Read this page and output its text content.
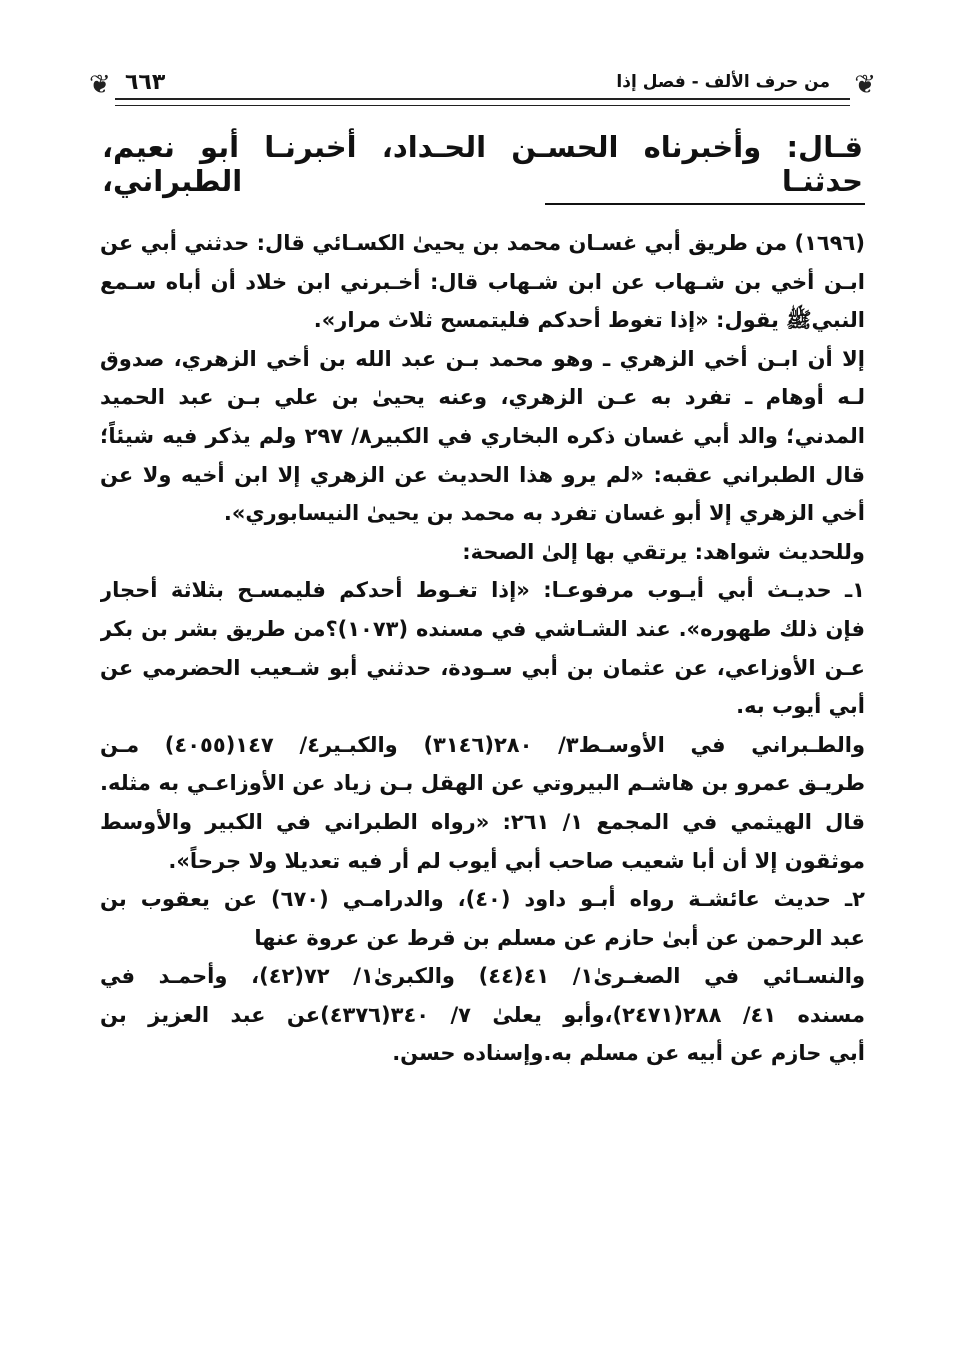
❦
من حرف الألف - فصل إذا
٦٦٣
❦
قـال: وأخبرناه الحسـن الحـداد، أخبرنـا أبو نعيم، حدثنـا الطبراني،
(١٦٩٦) من طريق أبي غسـان محمد بن يحيىٰ الكسـائي قال: حدثني أبي عن
ابـن أخي بن شـهاب عن ابن شـهاب قال: أخـبرني ابن خلاد أن أباه سـمع
النبيﷺ يقول: «إذا تغوط أحدكم فليتمسح ثلاث مرار».
إلا أن ابـن أخي الزهري ـ وهو محمد بـن عبد الله بن أخي الزهري، صدوق
لـه أوهام ـ تفرد به عـن الزهري، وعنه يحيىٰ بن علي بـن عبد الحميد
المدني؛ والد أبي غسان ذكره البخاري في الكبير٨/ ٢٩٧ ولم يذكر فيه شيئاً؛
قال الطبراني عقبه: «لم يرو هذا الحديث عن الزهري إلا ابن أخيه ولا عن
أخي الزهري إلا أبو غسان تفرد به محمد بن يحيىٰ النيسابوري».
وللحديث شواهد: يرتقي بها إلىٰ الصحة:
١ـ حديـث أبي أيـوب مرفوعـا: «إذا تغـوط أحدكم فليمسـح بثلاثة أحجار
فإن ذلك طهوره». عند الشـاشي في مسنده (١٠٧٣)؟من طريق بشر بن بكر
عـن الأوزاعي، عن عثمان بن أبي سـودة، حدثني أبو شـعيب الحضرمي عن
أبي أيوب به.
والطـبراني في الأوسـط٣/ ٢٨٠(٣١٤٦) والكبـير٤/ ١٤٧(٤٠٥٥) مـن
طريـق عمرو بن هاشـم البيروتي عن الهقل بـن زياد عن الأوزاعـي به مثله.
قال الهيثمي في المجمع ١/ ٢٦١: «رواه الطبراني في الكبير والأوسط
موثقون إلا أن أبا شعيب صاحب أبي أيوب لم أر فيه تعديلا ولا جرحاً».
٢ـ حديث عائشـة رواه أبـو داود (٤٠)، والدرامـي (٦٧٠) عن يعقوب بن
عبد الرحمن عن أبىٰ حازم عن مسلم بن قرط عن عروة عنها
والنسـائي في الصغـرىٰ١/ ٤١(٤٤) والكبرىٰ١/ ٧٢(٤٢)، وأحمـد في
مسنده ٤١/ ٢٨٨(٢٤٧١)،وأبو يعلىٰ ٧/ ٣٤٠(٤٣٧٦)عن عبد العزيز بن
أبي حازم عن أبيه عن مسلم به.وإسناده حسن.
